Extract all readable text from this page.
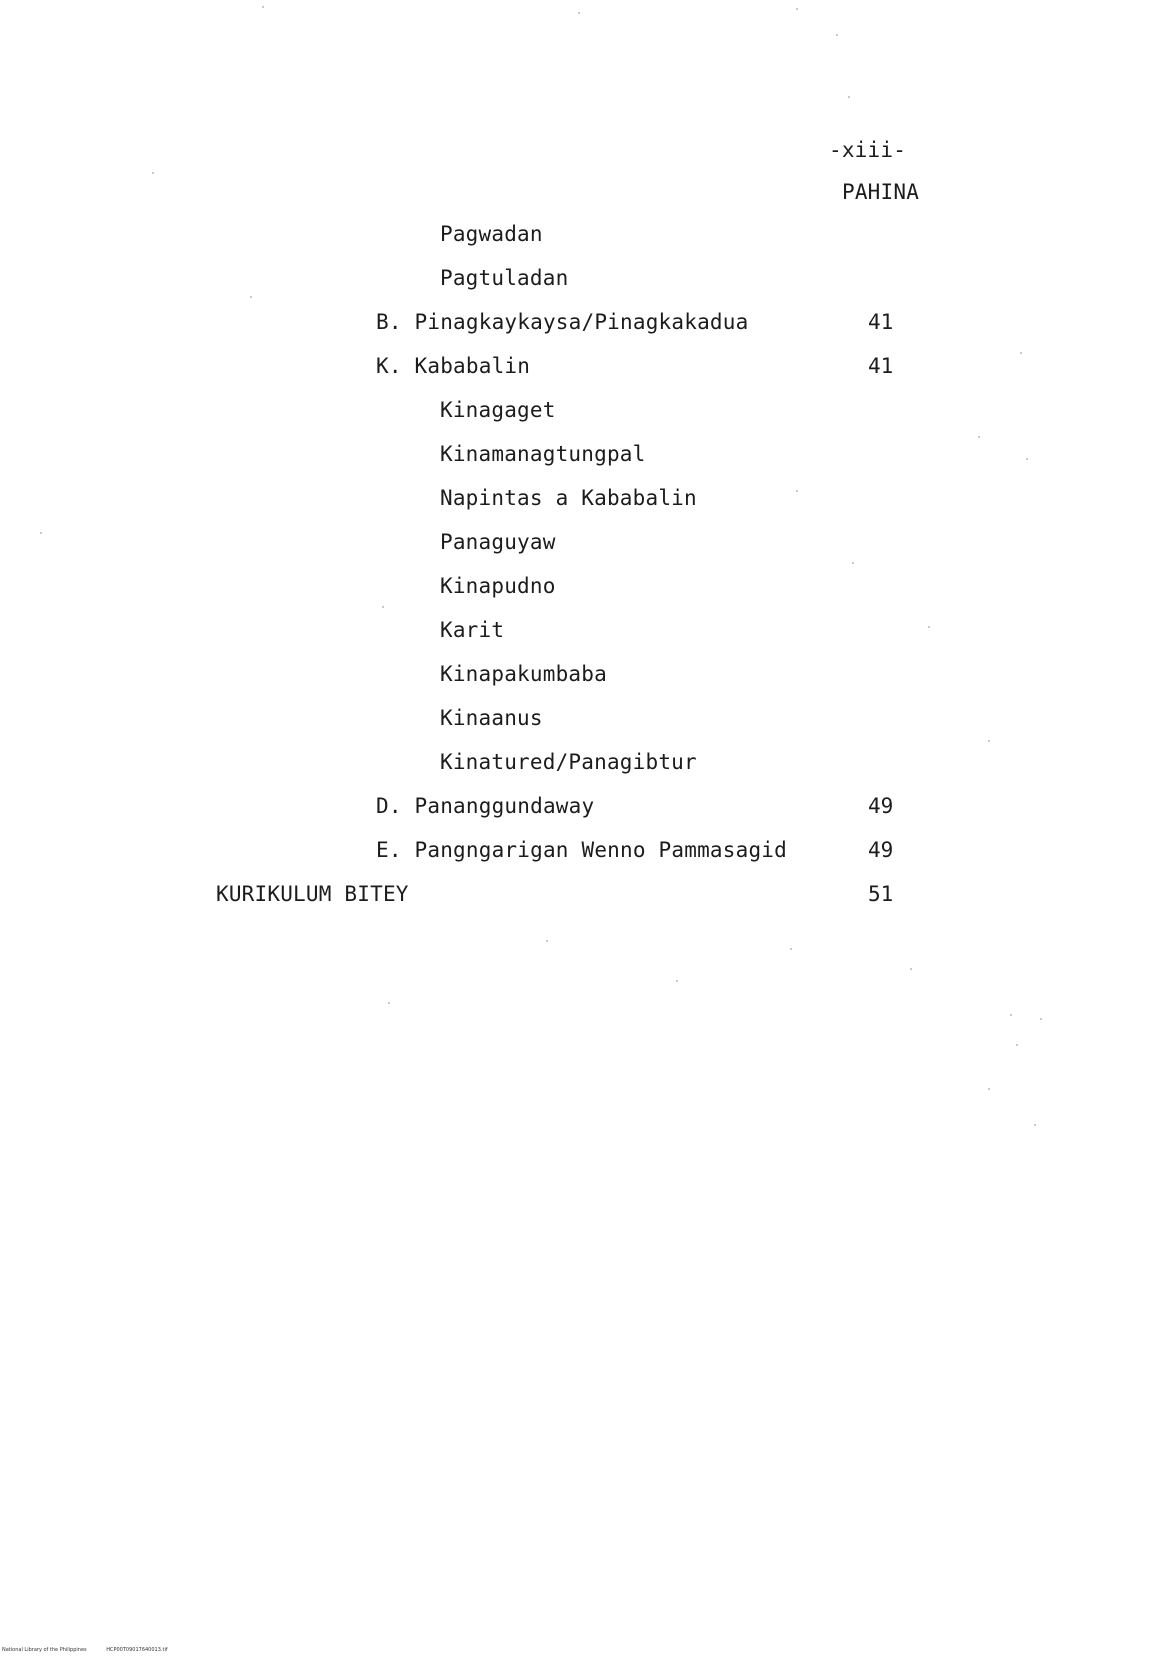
-xiii-
PAHINA
Pagwadan
Pagtuladan
B. Pinagkaykaysa/Pinagkakadua	41
K. Kababalin	41
Kinagaget
Kinamanagtungpal
Napintas a Kababalin
Panaguyaw
Kinapudno
Karit
Kinapakumbaba
Kinaanus
Kinatured/Panagibtur
D. Pananggundaway	49
E. Pangngarigan Wenno Pammasagid	49
KURIKULUM BITEY	51
National Library of the Philippines	HCP00T09017640013.tif
